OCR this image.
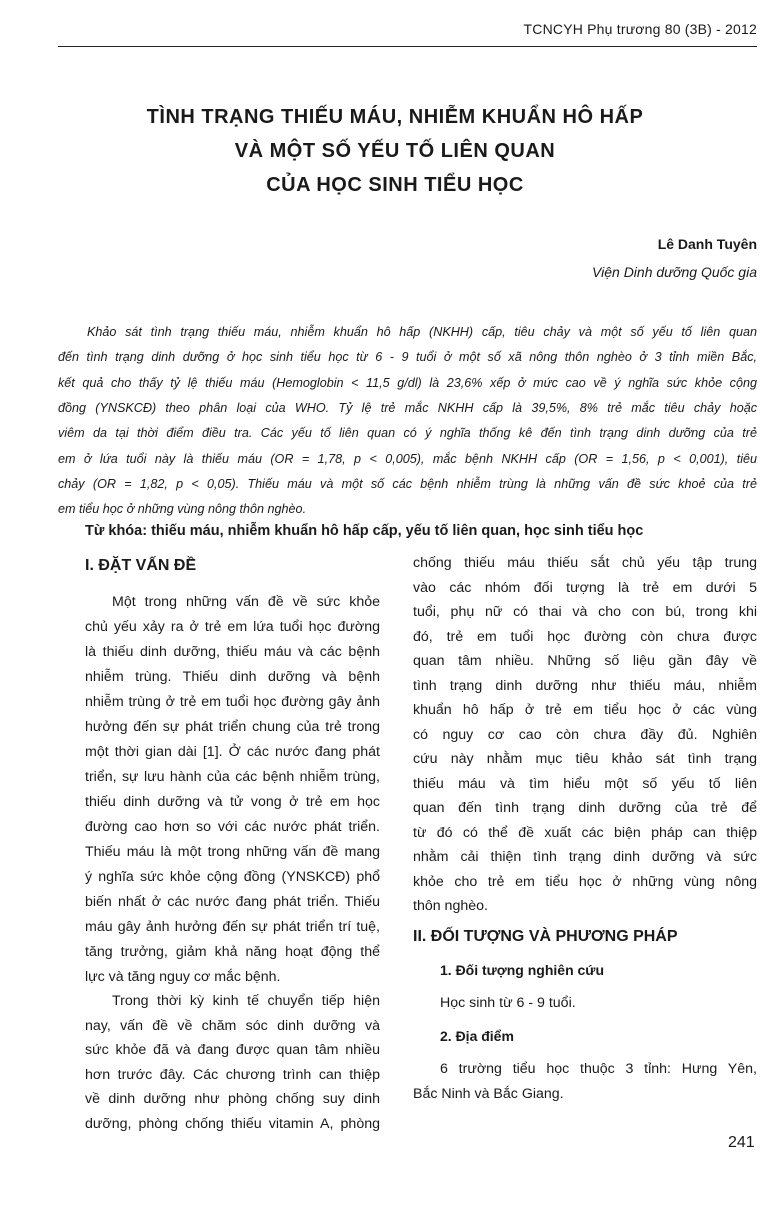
TCNCYH Phụ trương 80 (3B) - 2012
TÌNH TRẠNG THIẾU MÁU, NHIỄM KHUẨN HÔ HẤP
VÀ MỘT SỐ YẾU TỐ LIÊN QUAN
CỦA HỌC SINH TIỂU HỌC
Lê Danh Tuyên
Viện Dinh dưỡng Quốc gia
Khảo sát tình trạng thiếu máu, nhiễm khuẩn hô hấp (NKHH) cấp, tiêu chảy và một số yếu tố liên quan
đến tình trạng dinh dưỡng ở học sinh tiểu học từ 6 - 9 tuổi ở một số xã nông thôn nghèo ở 3 tỉnh miền Bắc,
kết quả cho thấy tỷ lệ thiếu máu (Hemoglobin < 11,5 g/dl) là 23,6% xếp ở mức cao về ý nghĩa sức khỏe cộng
đồng (YNSKCĐ) theo phân loại của WHO. Tỷ lệ trẻ mắc NKHH cấp là 39,5%, 8% trẻ mắc tiêu chảy hoặc
viêm da tại thời điểm điều tra. Các yếu tố liên quan có ý nghĩa thống kê đến tình trạng dinh dưỡng của trẻ
em ở lứa tuổi này là thiếu máu (OR = 1,78, p < 0,005), mắc bệnh NKHH cấp (OR = 1,56, p < 0,001), tiêu
chảy (OR = 1,82, p < 0,05). Thiếu máu và một số các bệnh nhiễm trùng là những vấn đề sức khoẻ của trẻ
em tiểu học ở những vùng nông thôn nghèo.
Từ khóa: thiếu máu, nhiễm khuẩn hô hấp cấp, yếu tố liên quan, học sinh tiểu học
I. ĐẶT VẤN ĐỀ
Một trong những vấn đề về sức khỏe
chủ yếu xảy ra ở trẻ em lứa tuổi học đường
là thiếu dinh dưỡng, thiếu máu và các bệnh
nhiễm trùng. Thiếu dinh dưỡng và bệnh
nhiễm trùng ở trẻ em tuổi học đường gây ảnh
hưởng đến sự phát triển chung của trẻ trong
một thời gian dài [1]. Ở các nước đang phát
triển, sự lưu hành của các bệnh nhiễm trùng,
thiếu dinh dưỡng và tử vong ở trẻ em học
đường cao hơn so với các nước phát triển.
Thiếu máu là một trong những vấn đề mang
ý nghĩa sức khỏe cộng đồng (YNSKCĐ) phổ
biến nhất ở các nước đang phát triển. Thiếu
máu gây ảnh hưởng đến sự phát triển trí tuệ,
tăng trưởng, giảm khả năng hoạt động thể
lực và tăng nguy cơ mắc bệnh.
Trong thời kỳ kinh tế chuyển tiếp hiện
nay, vấn đề về chăm sóc dinh dưỡng và
sức khỏe đã và đang được quan tâm nhiều
hơn trước đây. Các chương trình can thiệp
về dinh dưỡng như phòng chống suy dinh
dưỡng, phòng chống thiếu vitamin A, phòng
chống thiếu máu thiếu sắt chủ yếu tập trung
vào các nhóm đối tượng là trẻ em dưới 5
tuổi, phụ nữ có thai và cho con bú, trong khi
đó, trẻ em tuổi học đường còn chưa được
quan tâm nhiều. Những số liệu gần đây về
tình trạng dinh dưỡng như thiếu máu, nhiễm
khuẩn hô hấp ở trẻ em tiểu học ở các vùng
có nguy cơ cao còn chưa đầy đủ. Nghiên
cứu này nhằm mục tiêu khảo sát tình trạng
thiếu máu và tìm hiểu một số yếu tố liên
quan đến tình trạng dinh dưỡng của trẻ để
từ đó có thể đề xuất các biện pháp can thiệp
nhằm cải thiện tình trạng dinh dưỡng và sức
khỏe cho trẻ em tiểu học ở những vùng nông
thôn nghèo.
II. ĐỐI TƯỢNG VÀ PHƯƠNG PHÁP
1. Đối tượng nghiên cứu
Học sinh từ 6 - 9 tuổi.
2. Địa điểm
6 trường tiểu học thuộc 3 tỉnh: Hưng Yên,
Bắc Ninh và Bắc Giang.
241
